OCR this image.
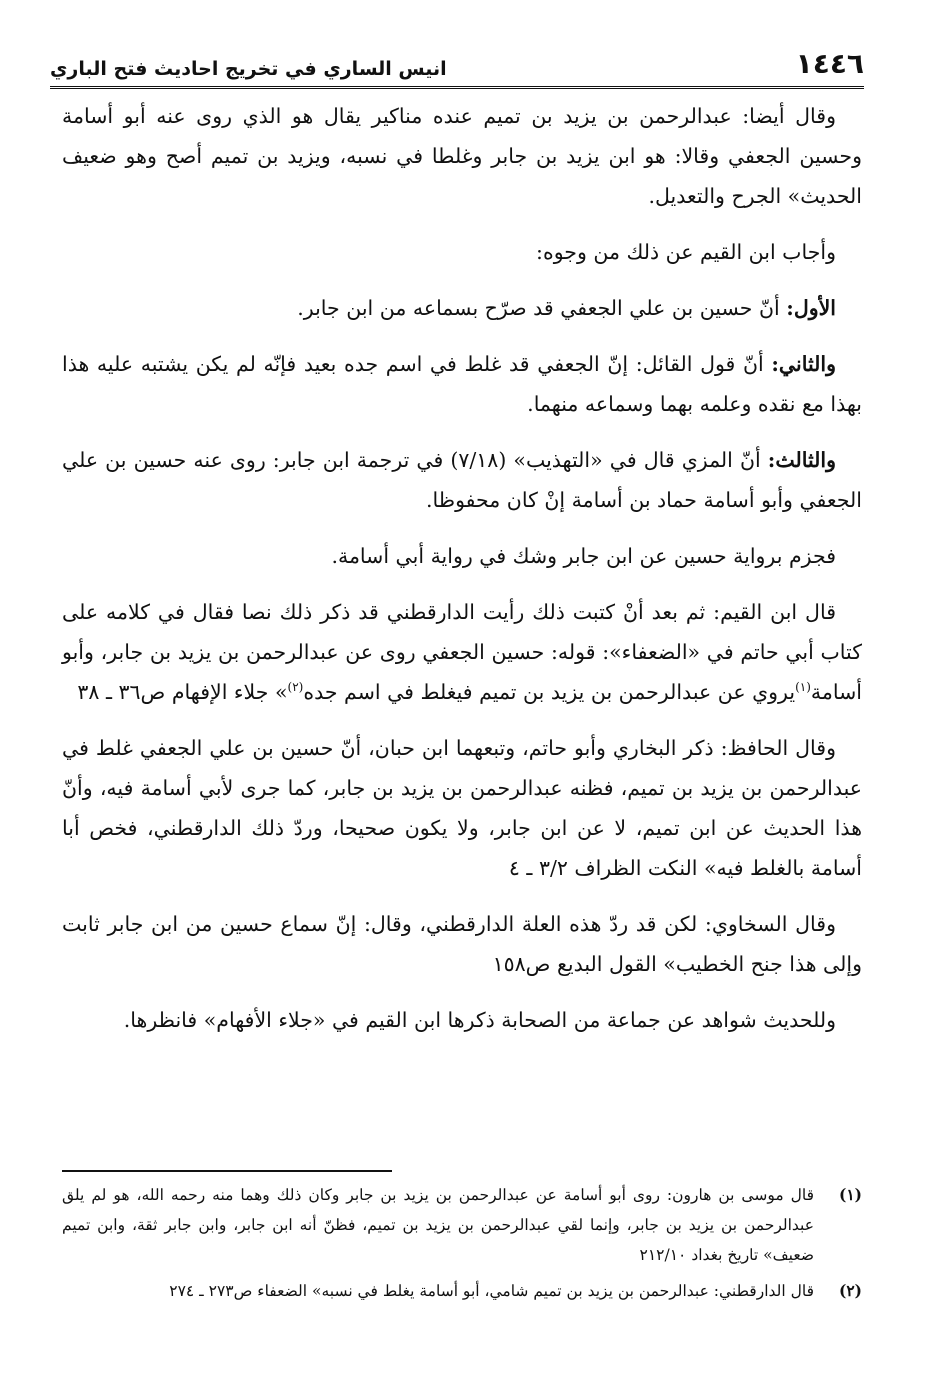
١٤٤٦
انيس الساري في تخريج احاديث فتح الباري

وقال أيضا: عبدالرحمن بن يزيد بن تميم عنده مناكير يقال هو الذي روى عنه أبو أسامة وحسين الجعفي وقالا: هو ابن يزيد بن جابر وغلطا في نسبه، ويزيد بن تميم أصح وهو ضعيف الحديث» الجرح والتعديل.

وأجاب ابن القيم عن ذلك من وجوه:

الأول: أنّ حسين بن علي الجعفي قد صرّح بسماعه من ابن جابر.

والثاني: أنّ قول القائل: إنّ الجعفي قد غلط في اسم جده بعيد فإنّه لم يكن يشتبه عليه هذا بهذا مع نقده وعلمه بهما وسماعه منهما.

والثالث: أنّ المزي قال في «التهذيب» (٧/١٨) في ترجمة ابن جابر: روى عنه حسين بن علي الجعفي وأبو أسامة حماد بن أسامة إنْ كان محفوظا.

فجزم برواية حسين عن ابن جابر وشك في رواية أبي أسامة.

قال ابن القيم: ثم بعد أنْ كتبت ذلك رأيت الدارقطني قد ذكر ذلك نصا فقال في كلامه على كتاب أبي حاتم في «الضعفاء»: قوله: حسين الجعفي روى عن عبدالرحمن بن يزيد بن جابر، وأبو أسامة$^{(١)}$يروي عن عبدالرحمن بن يزيد بن تميم فيغلط في اسم جده$^{(٢)}$» جلاء الإفهام ص٣٦ ـ ٣٨

وقال الحافظ: ذكر البخاري وأبو حاتم، وتبعهما ابن حبان، أنّ حسين بن علي الجعفي غلط في عبدالرحمن بن يزيد بن تميم، فظنه عبدالرحمن بن يزيد بن جابر، كما جرى لأبي أسامة فيه، وأنّ هذا الحديث عن ابن تميم، لا عن ابن جابر، ولا يكون صحيحا، وردّ ذلك الدارقطني، فخص أبا أسامة بالغلط فيه» النكت الظراف ٣/٢ ـ ٤

وقال السخاوي: لكن قد ردّ هذه العلة الدارقطني، وقال: إنّ سماع حسين من ابن جابر ثابت وإلى هذا جنح الخطيب» القول البديع ص١٥٨

وللحديث شواهد عن جماعة من الصحابة ذكرها ابن القيم في «جلاء الأفهام» فانظرها.

(١)
قال موسى بن هارون: روى أبو أسامة عن عبدالرحمن بن يزيد بن جابر وكان ذلك وهما منه رحمه الله، هو لم يلق عبدالرحمن بن يزيد بن جابر، وإنما لقي عبدالرحمن بن يزيد بن تميم، فظنّ أنه ابن جابر، وابن جابر ثقة، وابن تميم ضعيف» تاريخ بغداد ٢١٢/١٠
(٢)
قال الدارقطني: عبدالرحمن بن يزيد بن تميم شامي، أبو أسامة يغلط في نسبه» الضعفاء ص٢٧٣ ـ ٢٧٤
